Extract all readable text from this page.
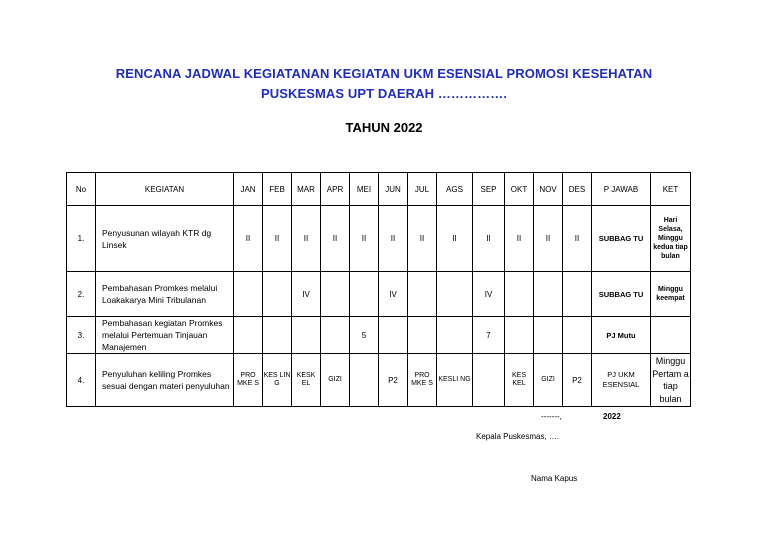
RENCANA JADWAL KEGIATANAN KEGIATAN UKM ESENSIAL PROMOSI KESEHATAN
PUSKESMAS UPT DAERAH …………….
TAHUN 2022
No	KEGIATAN	JAN	FEB	MAR	APR	MEI	JUN	JUL	AGS	SEP	OKT	NOV	DES	P JAWAB	KET
1.	Penyusunan wilayah KTR dg Linsek	II	II	II	II	II	II	II	II	II	II	II	II	SUBBAG TU	Hari Selasa, Minggu kedua tiap bulan
2.	Pembahasan Promkes melalui Loakakarya Mini Tribulanan			IV			IV			IV				SUBBAG TU	Minggu keempat
3.	Pembahasan kegiatan Promkes melalui Pertemuan Tinjauan Manajemen					5				7				PJ Mutu	
4.	Penyuluhan keliling Promkes sesuai dengan materi penyuluhan	PRO MKE S	KES LIN G	KESK EL	GIZI		P2	PRO MKE S	KESLI NG		KES KEL	GIZI	P2	PJ UKM ESENSIAL	Minggu Pertam a tiap bulan
-------,	2022
Kepala Puskesmas, ….
Nama Kapus
